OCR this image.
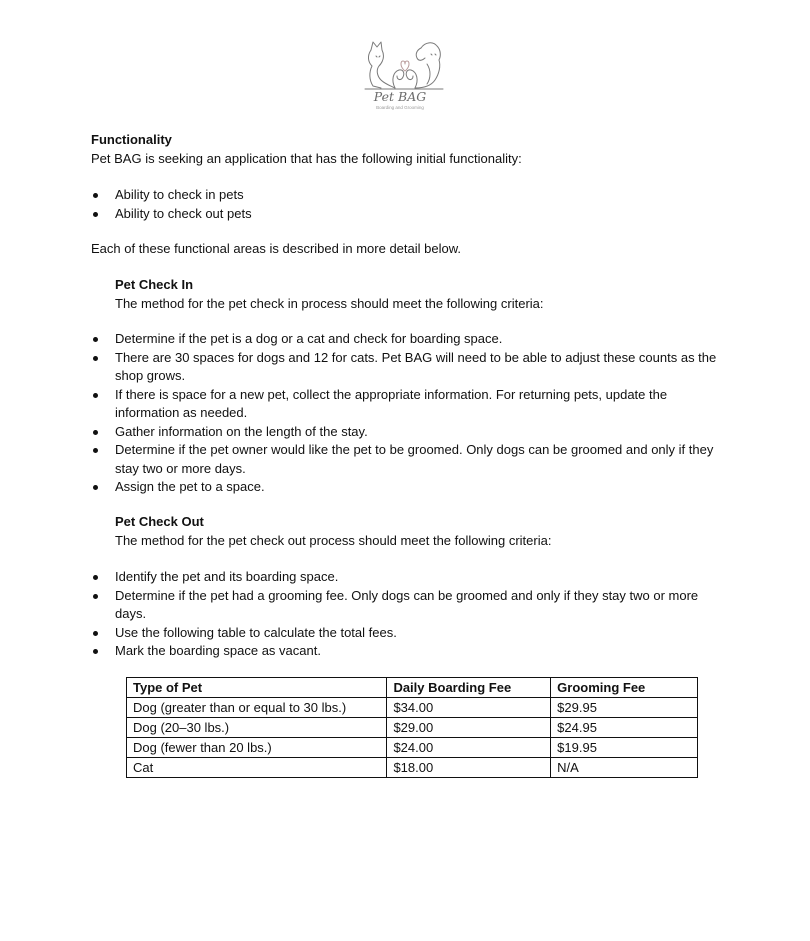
Pet BAG
Boarding and Grooming

Functionality

Pet BAG is seeking an application that has the following initial functionality:

Ability to check in pets
Ability to check out pets

Each of these functional areas is described in more detail below.

Pet Check In

The method for the pet check in process should meet the following criteria:

Determine if the pet is a dog or a cat and check for boarding space.
There are 30 spaces for dogs and 12 for cats. Pet BAG will need to be able to adjust these counts as the shop grows.
If there is space for a new pet, collect the appropriate information. For returning pets, update the information as needed.
Gather information on the length of the stay.
Determine if the pet owner would like the pet to be groomed. Only dogs can be groomed and only if they stay two or more days.
Assign the pet to a space.

Pet Check Out

The method for the pet check out process should meet the following criteria:

Identify the pet and its boarding space.
Determine if the pet had a grooming fee. Only dogs can be groomed and only if they stay two or more days.
Use the following table to calculate the total fees.
Mark the boarding space as vacant.
Type of Pet	Daily Boarding Fee	Grooming Fee
Dog (greater than or equal to 30 lbs.)	$34.00	$29.95
Dog (20–30 lbs.)	$29.00	$24.95
Dog (fewer than 20 lbs.)	$24.00	$19.95
Cat	$18.00	N/A
